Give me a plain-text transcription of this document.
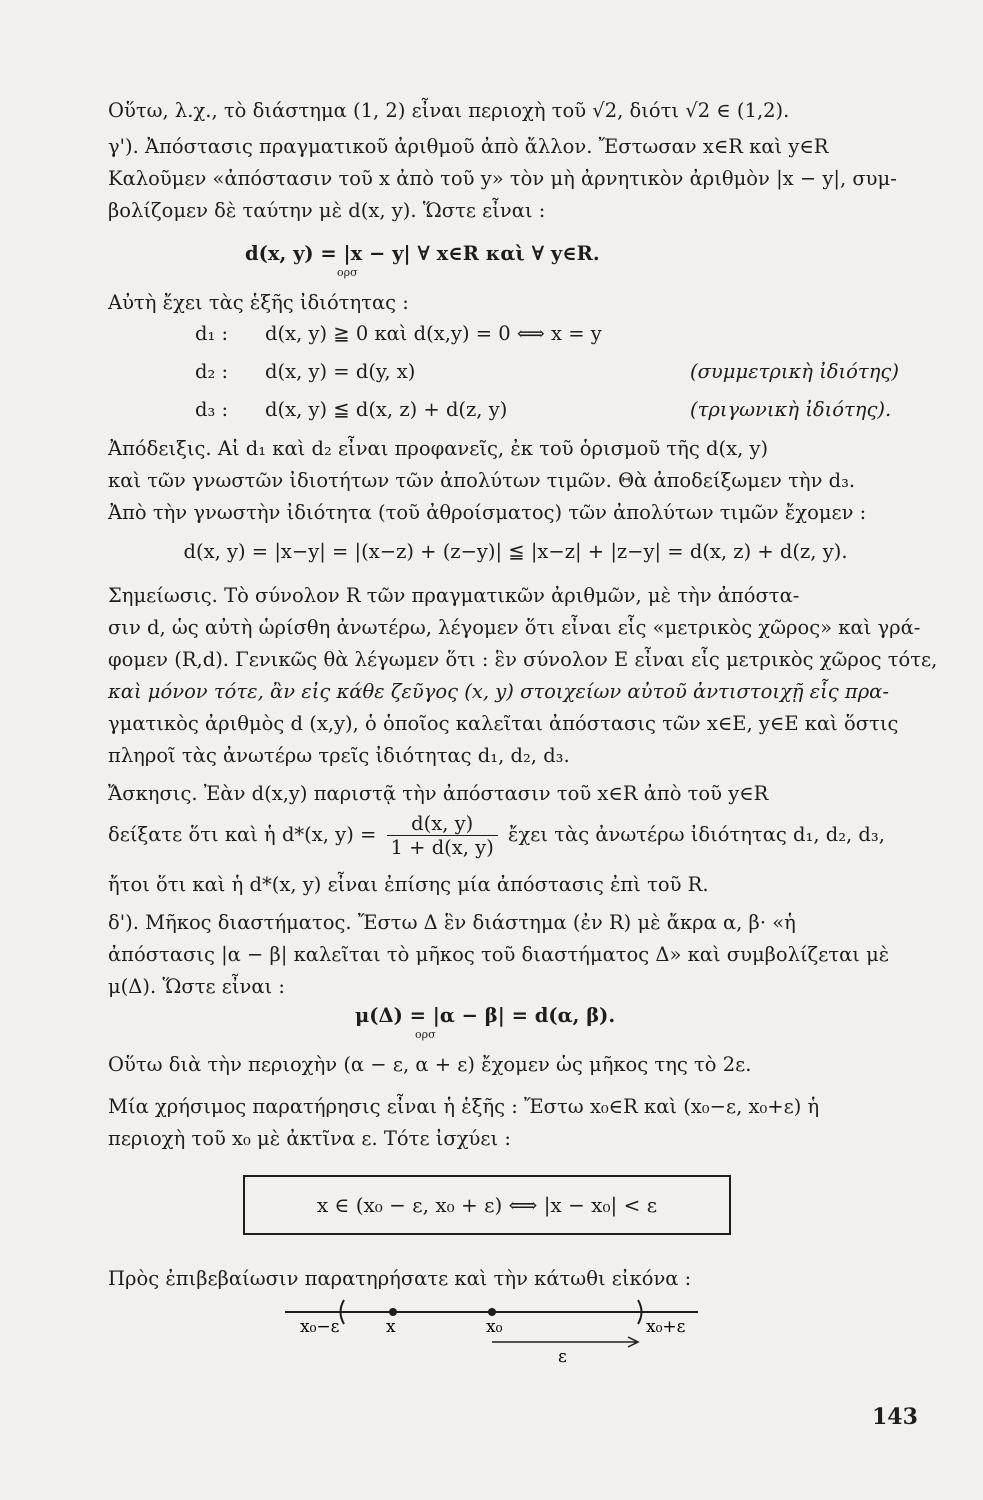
Οὕτω, λ.χ., τὸ διάστημα (1, 2) εἶναι περιοχὴ τοῦ √2, διότι √2 ∈ (1,2).
γ'). Ἀπόστασις πραγματικοῦ ἀριθμοῦ ἀπὸ ἄλλον. Ἔστωσαν x∈R καὶ y∈R
Καλοῦμεν «ἀπόστασιν τοῦ x ἀπὸ τοῦ y» τὸν μὴ ἀρνητικὸν ἀριθμὸν |x − y|, συμ-
βολίζομεν δὲ ταύτην μὲ d(x, y). Ὥστε εἶναι :
d(x, y) = |x − y| ∀ x∈R καὶ ∀ y∈R.
ορσ
Αὐτὴ ἔχει τὰς ἑξῆς ἰδιότητας :
d₁ : d(x, y) ≧ 0 καὶ d(x,y) = 0 ⟺ x = y
d₂ : d(x, y) = d(y, x)	(συμμετρικὴ ἰδιότης)
d₃ : d(x, y) ≦ d(x, z) + d(z, y)	(τριγωνικὴ ἰδιότης).
Ἀπόδειξις. Αἱ d₁ καὶ d₂ εἶναι προφανεῖς, ἐκ τοῦ ὁρισμοῦ τῆς d(x, y)
καὶ τῶν γνωστῶν ἰδιοτήτων τῶν ἀπολύτων τιμῶν. Θὰ ἀποδείξωμεν τὴν d₃.
Ἀπὸ τὴν γνωστὴν ἰδιότητα (τοῦ ἀθροίσματος) τῶν ἀπολύτων τιμῶν ἔχομεν :
d(x, y) = |x−y| = |(x−z) + (z−y)| ≦ |x−z| + |z−y| = d(x, z) + d(z, y).
Σημείωσις. Τὸ σύνολον R τῶν πραγματικῶν ἀριθμῶν, μὲ τὴν ἀπόστα-
σιν d, ὡς αὐτὴ ὡρίσθη ἀνωτέρω, λέγομεν ὅτι εἶναι εἷς «μετρικὸς χῶρος» καὶ γρά-
φομεν (R,d). Γενικῶς θὰ λέγωμεν ὅτι : ἓν σύνολον E εἶναι εἷς μετρικὸς χῶρος τότε,
καὶ μόνον τότε, ἂν εἰς κάθε ζεῦγος (x, y) στοιχείων αὐτοῦ ἀντιστοιχῇ εἷς πρα-
γματικὸς ἀριθμὸς d (x,y), ὁ ὁποῖος καλεῖται ἀπόστασις τῶν x∈E, y∈E καὶ ὅστις
πληροῖ τὰς ἀνωτέρω τρεῖς ἰδιότητας d₁, d₂, d₃.
Ἄσκησις. Ἐὰν d(x,y) παριστᾷ τὴν ἀπόστασιν τοῦ x∈R ἀπὸ τοῦ y∈R
δείξατε ὅτι καὶ ἡ d*(x, $y) = \frac{d(x, y)}{1 + d(x, y)}$ ἔχει τὰς ἀνωτέρω ἰδιότητας d₁, d₂, d₃,
ἤτοι ὅτι καὶ ἡ d*(x, y) εἶναι ἐπίσης μία ἀπόστασις ἐπὶ τοῦ R.
δ'). Μῆκος διαστήματος. Ἔστω Δ ἓν διάστημα (ἐν R) μὲ ἄκρα α, β· «ἡ
ἀπόστασις |α − β| καλεῖται τὸ μῆκος τοῦ διαστήματος Δ» καὶ συμβολίζεται μὲ
μ(Δ). Ὥστε εἶναι :
μ(Δ) = |α − β| = d(α, β).
ορσ
Οὕτω διὰ τὴν περιοχὴν (α − ε, α + ε) ἔχομεν ὡς μῆκος της τὸ 2ε.
Μία χρήσιμος παρατήρησις εἶναι ἡ ἑξῆς : Ἔστω x₀∈R καὶ (x₀−ε, x₀+ε) ἡ
περιοχὴ τοῦ x₀ μὲ ἀκτῖνα ε. Τότε ἰσχύει :
x ∈ (x₀ − ε, x₀ + ε) ⟺ |x − x₀| < ε
Πρὸς ἐπιβεβαίωσιν παρατηρήσατε καὶ τὴν κάτωθι εἰκόνα :
x₀−ε	x	x₀	x₀+ε
ε
143
